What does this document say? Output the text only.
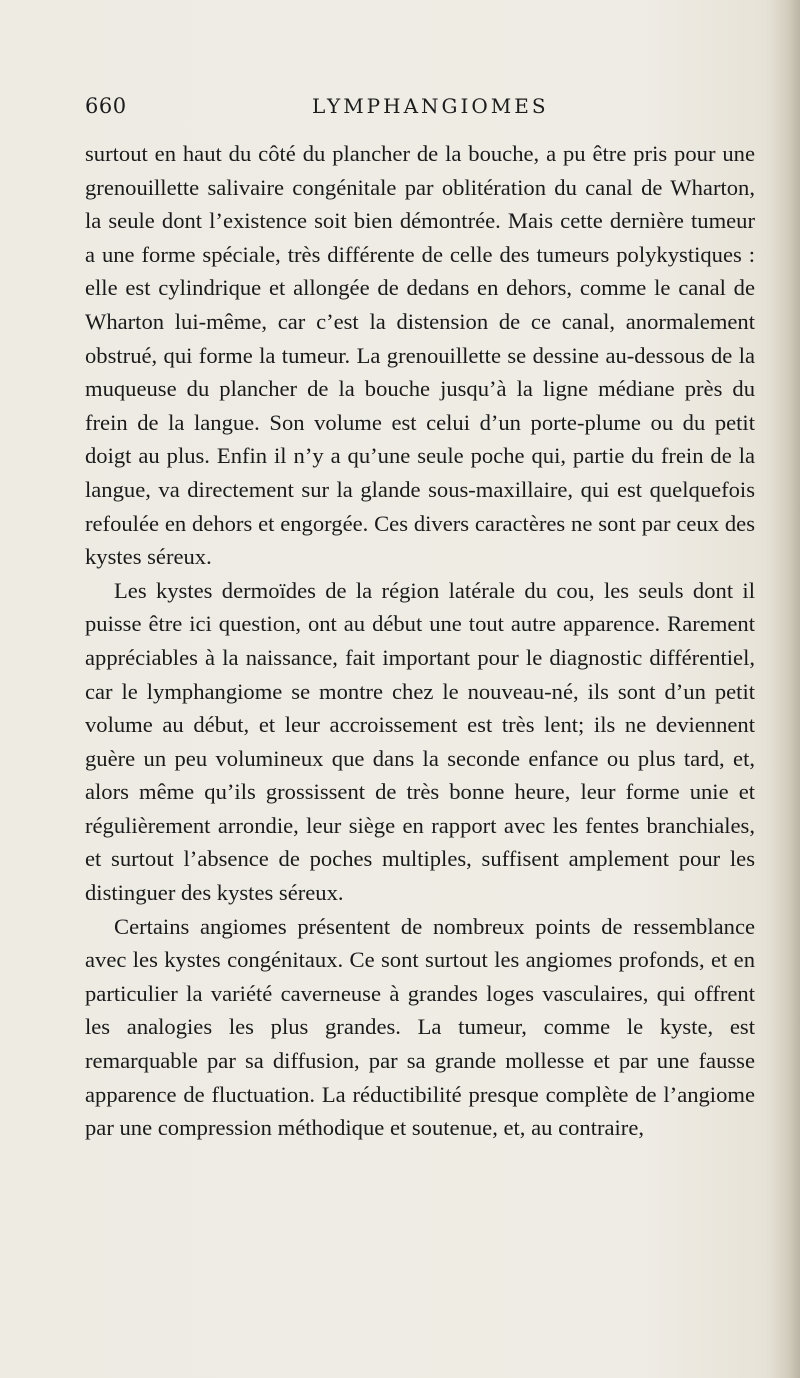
660	LYMPHANGIOMES

surtout en haut du côté du plancher de la bouche, a pu être pris pour une grenouillette salivaire congénitale par oblitération du canal de Wharton, la seule dont l’existence soit bien démontrée. Mais cette dernière tumeur a une forme spéciale, très différente de celle des tumeurs polykystiques : elle est cylindrique et allongée de dedans en dehors, comme le canal de Wharton lui-même, car c’est la distension de ce canal, anormalement obstrué, qui forme la tumeur. La grenouillette se dessine au-dessous de la muqueuse du plancher de la bouche jusqu’à la ligne médiane près du frein de la langue. Son volume est celui d’un porte-plume ou du petit doigt au plus. Enfin il n’y a qu’une seule poche qui, partie du frein de la langue, va directement sur la glande sous-maxillaire, qui est quelquefois refoulée en dehors et engorgée. Ces divers caractères ne sont par ceux des kystes séreux.

Les kystes dermoïdes de la région latérale du cou, les seuls dont il puisse être ici question, ont au début une tout autre apparence. Rarement appréciables à la naissance, fait important pour le diagnostic différentiel, car le lymphangiome se montre chez le nouveau-né, ils sont d’un petit volume au début, et leur accroissement est très lent; ils ne deviennent guère un peu volumineux que dans la seconde enfance ou plus tard, et, alors même qu’ils grossissent de très bonne heure, leur forme unie et régulièrement arrondie, leur siège en rapport avec les fentes branchiales, et surtout l’absence de poches multiples, suffisent amplement pour les distinguer des kystes séreux.

Certains angiomes présentent de nombreux points de ressemblance avec les kystes congénitaux. Ce sont surtout les angiomes profonds, et en particulier la variété caverneuse à grandes loges vasculaires, qui offrent les analogies les plus grandes. La tumeur, comme le kyste, est remarquable par sa diffusion, par sa grande mollesse et par une fausse apparence de fluctuation. La réductibilité presque complète de l’angiome par une compression méthodique et soutenue, et, au contraire,
